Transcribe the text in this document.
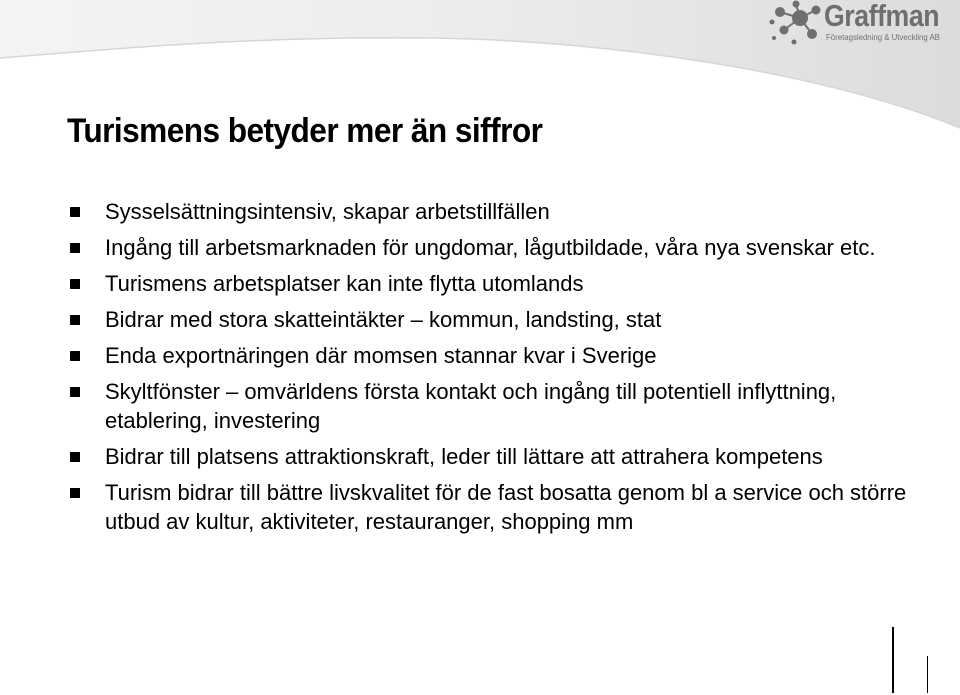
Graffman
Företagsledning & Utveckling AB
Turismens betyder mer än siffror
Sysselsättningsintensiv, skapar arbetstillfällen
Ingång till arbetsmarknaden för ungdomar, lågutbildade, våra nya svenskar etc.
Turismens arbetsplatser kan inte flytta utomlands
Bidrar med stora skatteintäkter – kommun, landsting, stat
Enda exportnäringen där momsen stannar kvar i Sverige
Skyltfönster – omvärldens första kontakt och ingång till potentiell inflyttning, etablering, investering
Bidrar till platsens attraktionskraft, leder till lättare att attrahera kompetens
Turism bidrar till bättre livskvalitet för de fast bosatta genom bl a service och större utbud av kultur, aktiviteter, restauranger, shopping mm
